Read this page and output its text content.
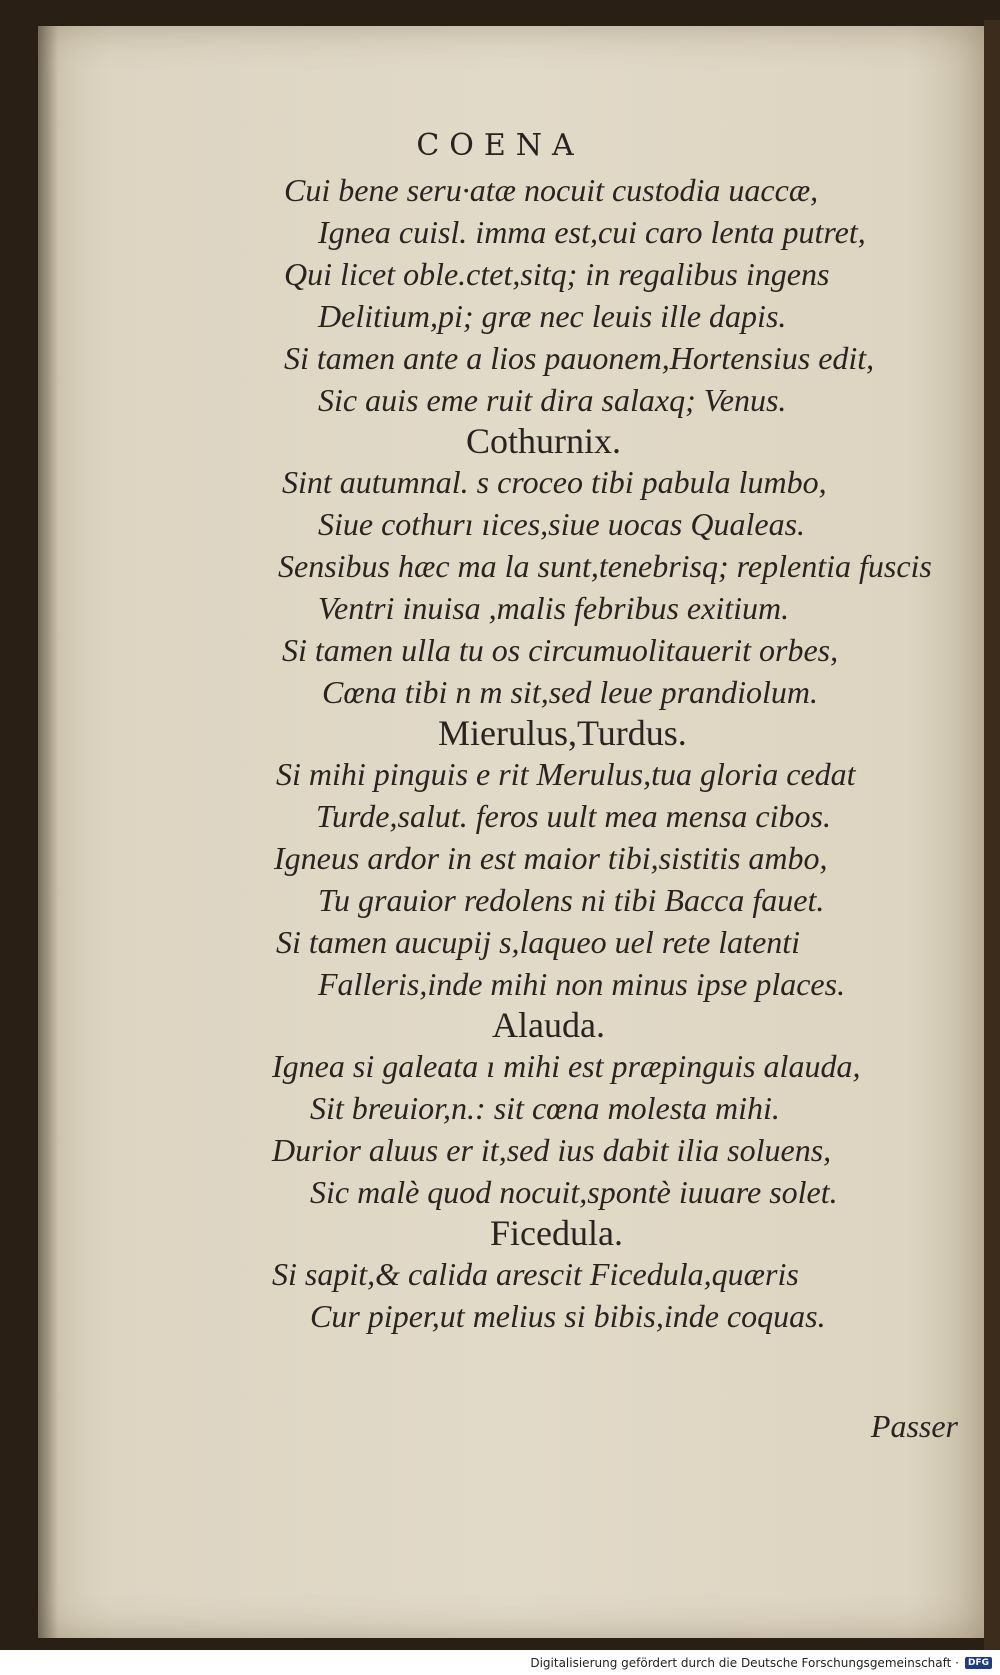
COENA
Cui bene seru·atæ nocuit custodia uaccæ,
Ignea cuisl. imma est,cui caro lenta putret,
Qui licet oble.ctet,sitq; in regalibus ingens
Delitium,pi; græ nec leuis ille dapis.
Si tamen ante a lios pauonem,Hortensius edit,
Sic auis eme ruit dira salaxq; Venus.
Cothurnix.
Sint autumnal. s croceo tibi pabula lumbo,
Siue cothurı ıices,siue uocas Qualeas.
Sensibus hæc ma la sunt,tenebrisq; replentia fuscis
Ventri inuisa ,malis febribus exitium.
Si tamen ulla tu os circumuolitauerit orbes,
Cœna tibi n m sit,sed leue prandiolum.
Mierulus,Turdus.
Si mihi pinguis e rit Merulus,tua gloria cedat
Turde,salut. feros uult mea mensa cibos.
Igneus ardor in est maior tibi,sistitis ambo,
Tu grauior redolens ni tibi Bacca fauet.
Si tamen aucupij s,laqueo uel rete latenti
Falleris,inde mihi non minus ipse places.
Alauda.
Ignea si galeata ı mihi est præpinguis alauda,
Sit breuior,n.: sit cœna molesta mihi.
Durior aluus er it,sed ius dabit ilia soluens,
Sic malè quod nocuit,spontè iuuare solet.
Ficedula.
Si sapit,& calida arescit Ficedula,quæris
Cur piper,ut melius si bibis,inde coquas.
Passer
Digitalisierung gefördert durch die Deutsche Forschungsgemeinschaft ·	DFG
